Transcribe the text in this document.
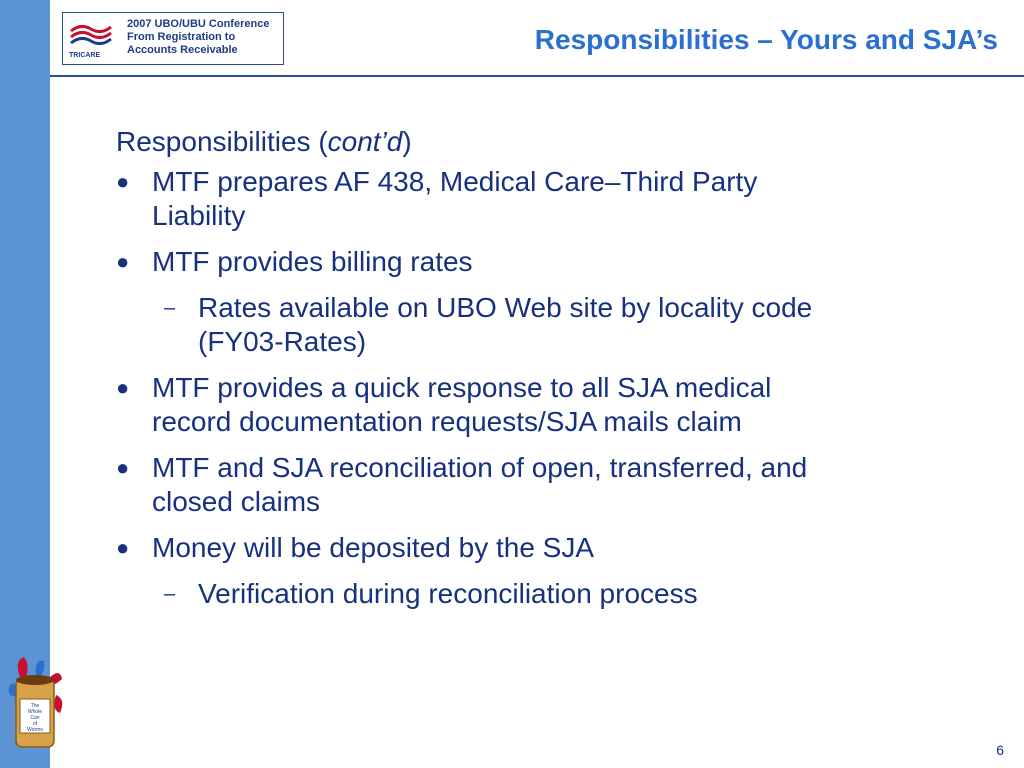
TRICARE
2007 UBO/UBU Conference
From Registration to
Accounts Receivable	Responsibilities – Yours and SJA’s
Responsibilities (cont’d)
● MTF prepares AF 438, Medical Care–Third Party
Liability
● MTF provides billing rates
– Rates available on UBO Web site by locality code
(FY03-Rates)
● MTF provides a quick response to all SJA medical
record documentation requests/SJA mails claim
● MTF and SJA reconciliation of open, transferred, and
closed claims
● Money will be deposited by the SJA
– Verification during reconciliation process
The
Whole
Can
of
Worms
6
